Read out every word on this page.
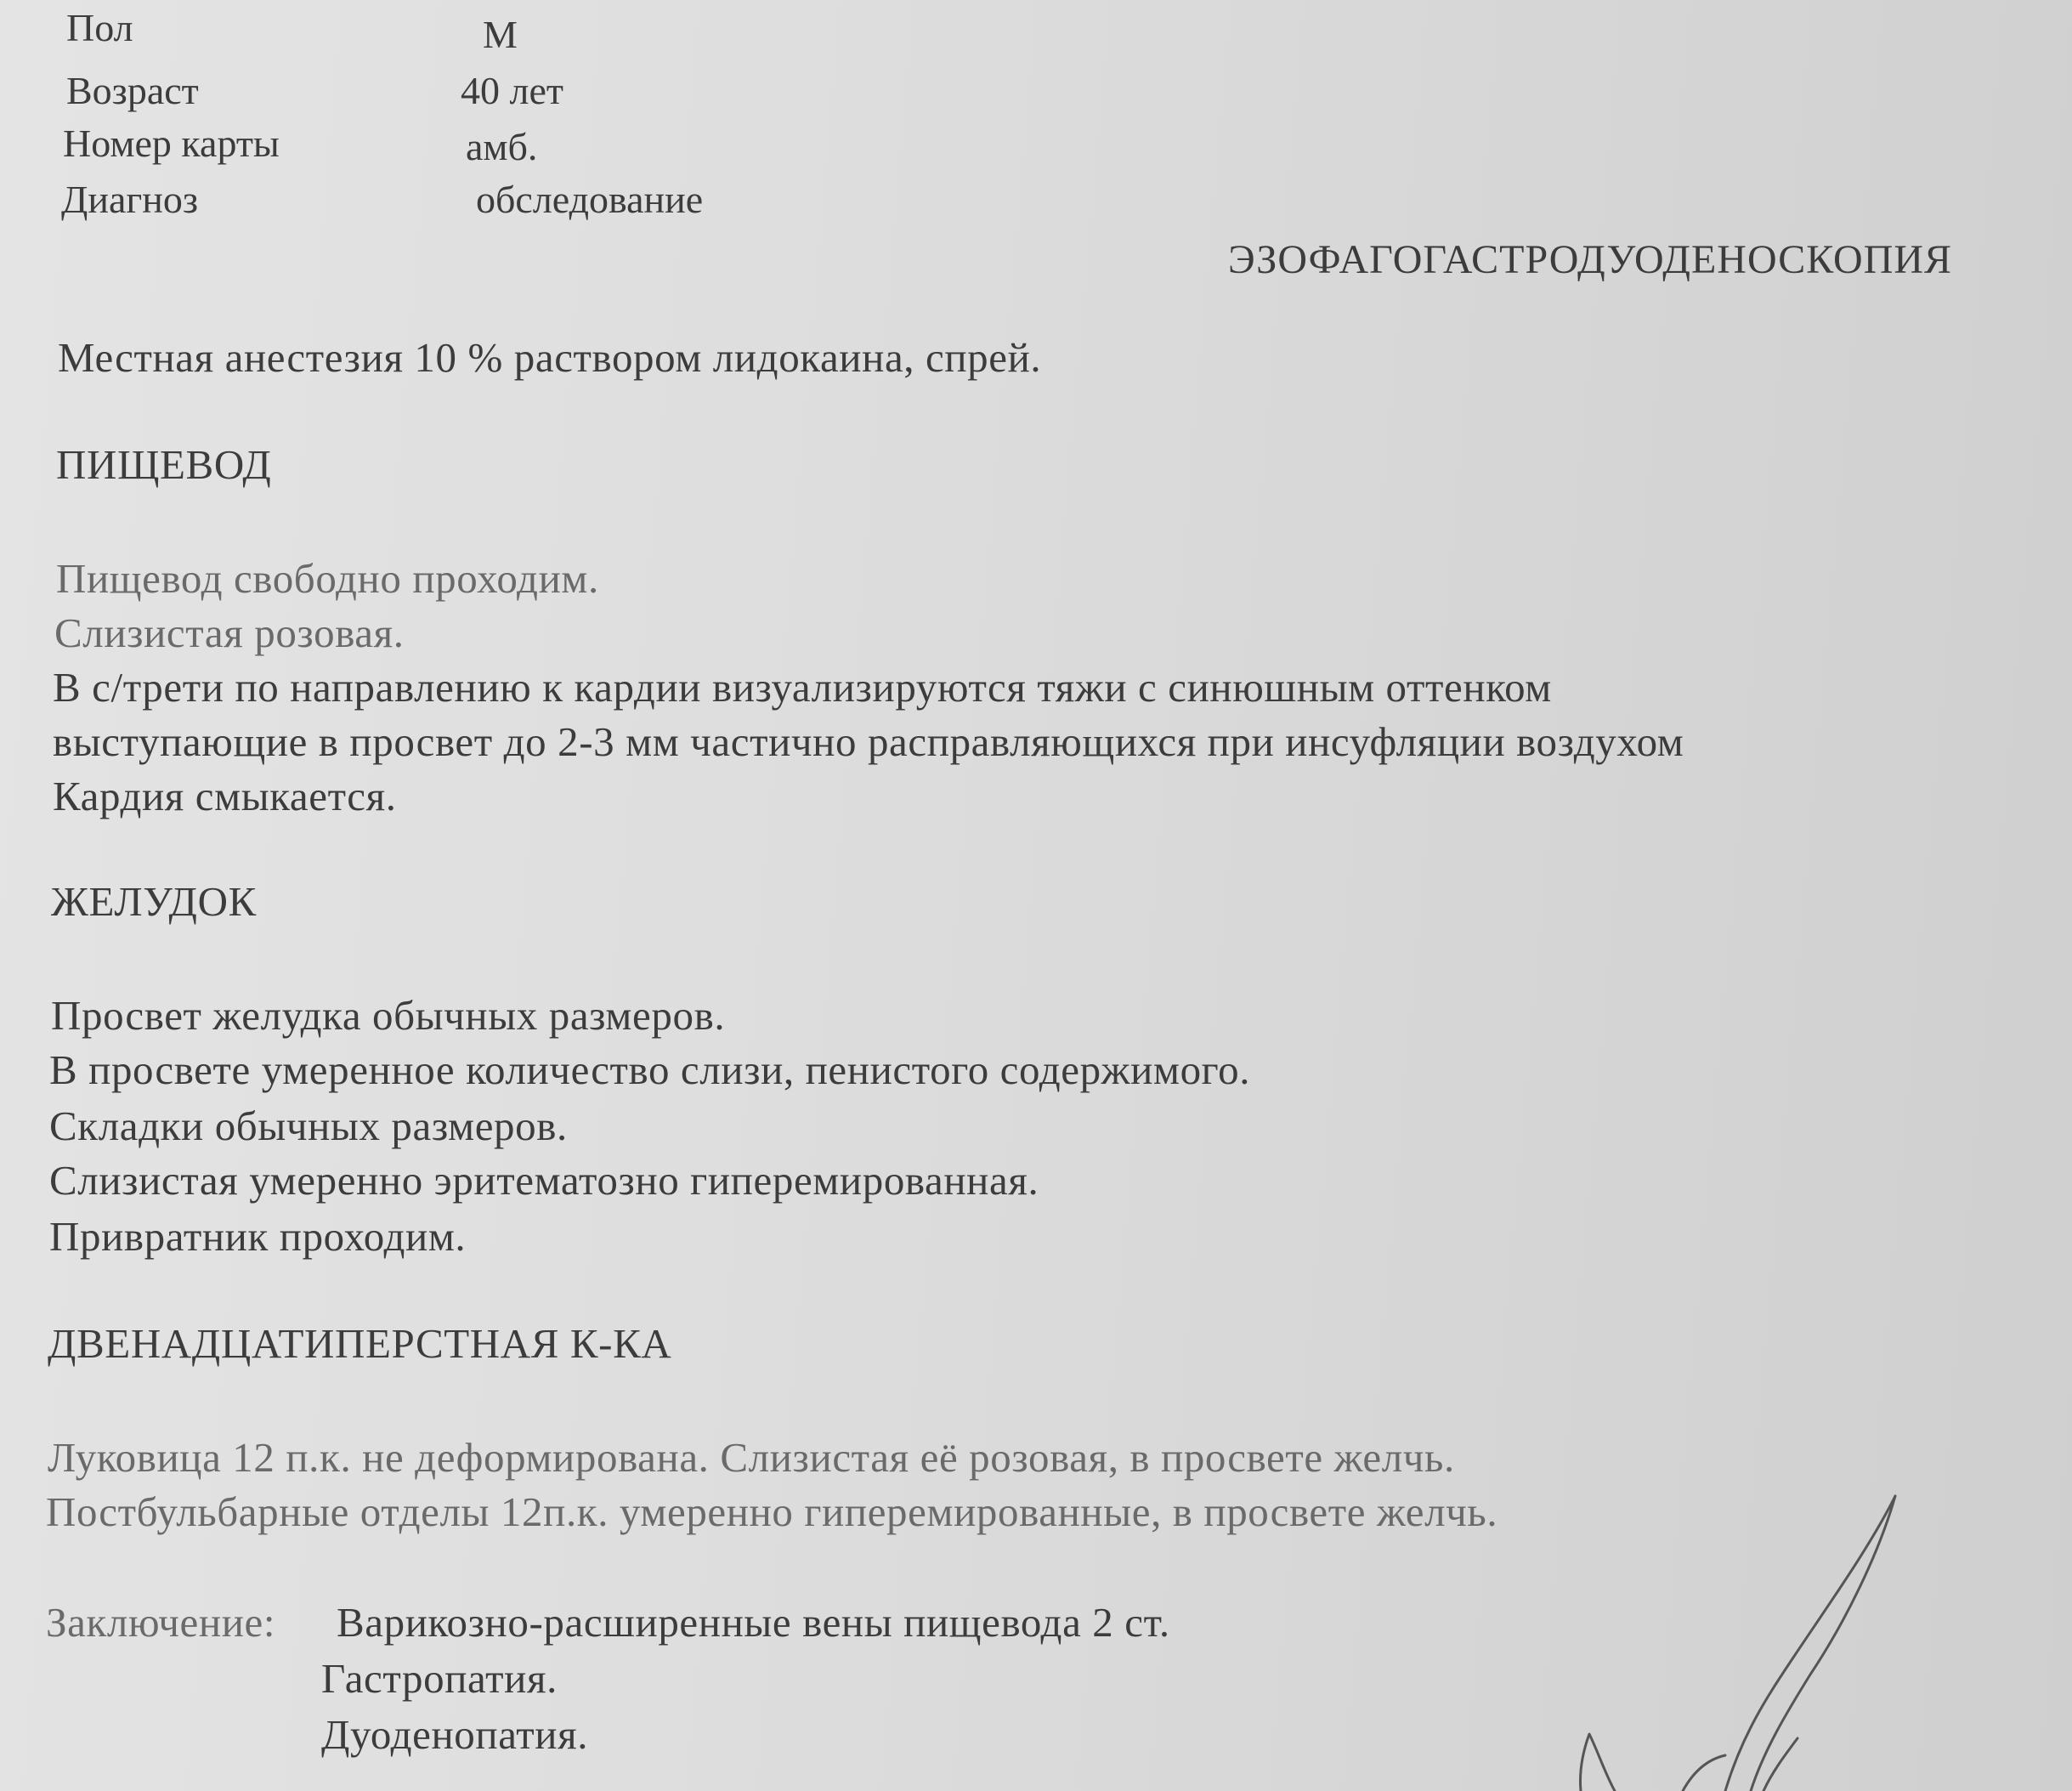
Пол	М
Возраст	40 лет
Номер карты	амб.
Диагноз	обследование
ЭЗОФАГОГАСТРОДУОДЕНОСКОПИЯ
Местная анестезия 10 % раствором лидокаина, спрей.
ПИЩЕВОД
Пищевод свободно проходим.
Слизистая розовая.
В с/трети по направлению к кардии визуализируются тяжи с синюшным оттенком
выступающие в просвет до 2-3 мм частично расправляющихся при инсуфляции воздухом
Кардия смыкается.
ЖЕЛУДОК
Просвет желудка обычных размеров.
В просвете умеренное количество слизи, пенистого содержимого.
Складки обычных размеров.
Слизистая умеренно эритематозно гиперемированная.
Привратник проходим.
ДВЕНАДЦАТИПЕРСТНАЯ К-КА
Луковица 12 п.к. не деформирована. Слизистая её розовая, в просвете желчь.
Постбульбарные отделы 12п.к. умеренно гиперемированные, в просвете желчь.
Заключение: Варикозно-расширенные вены пищевода 2 ст.
Гастропатия.
Дуоденопатия.
